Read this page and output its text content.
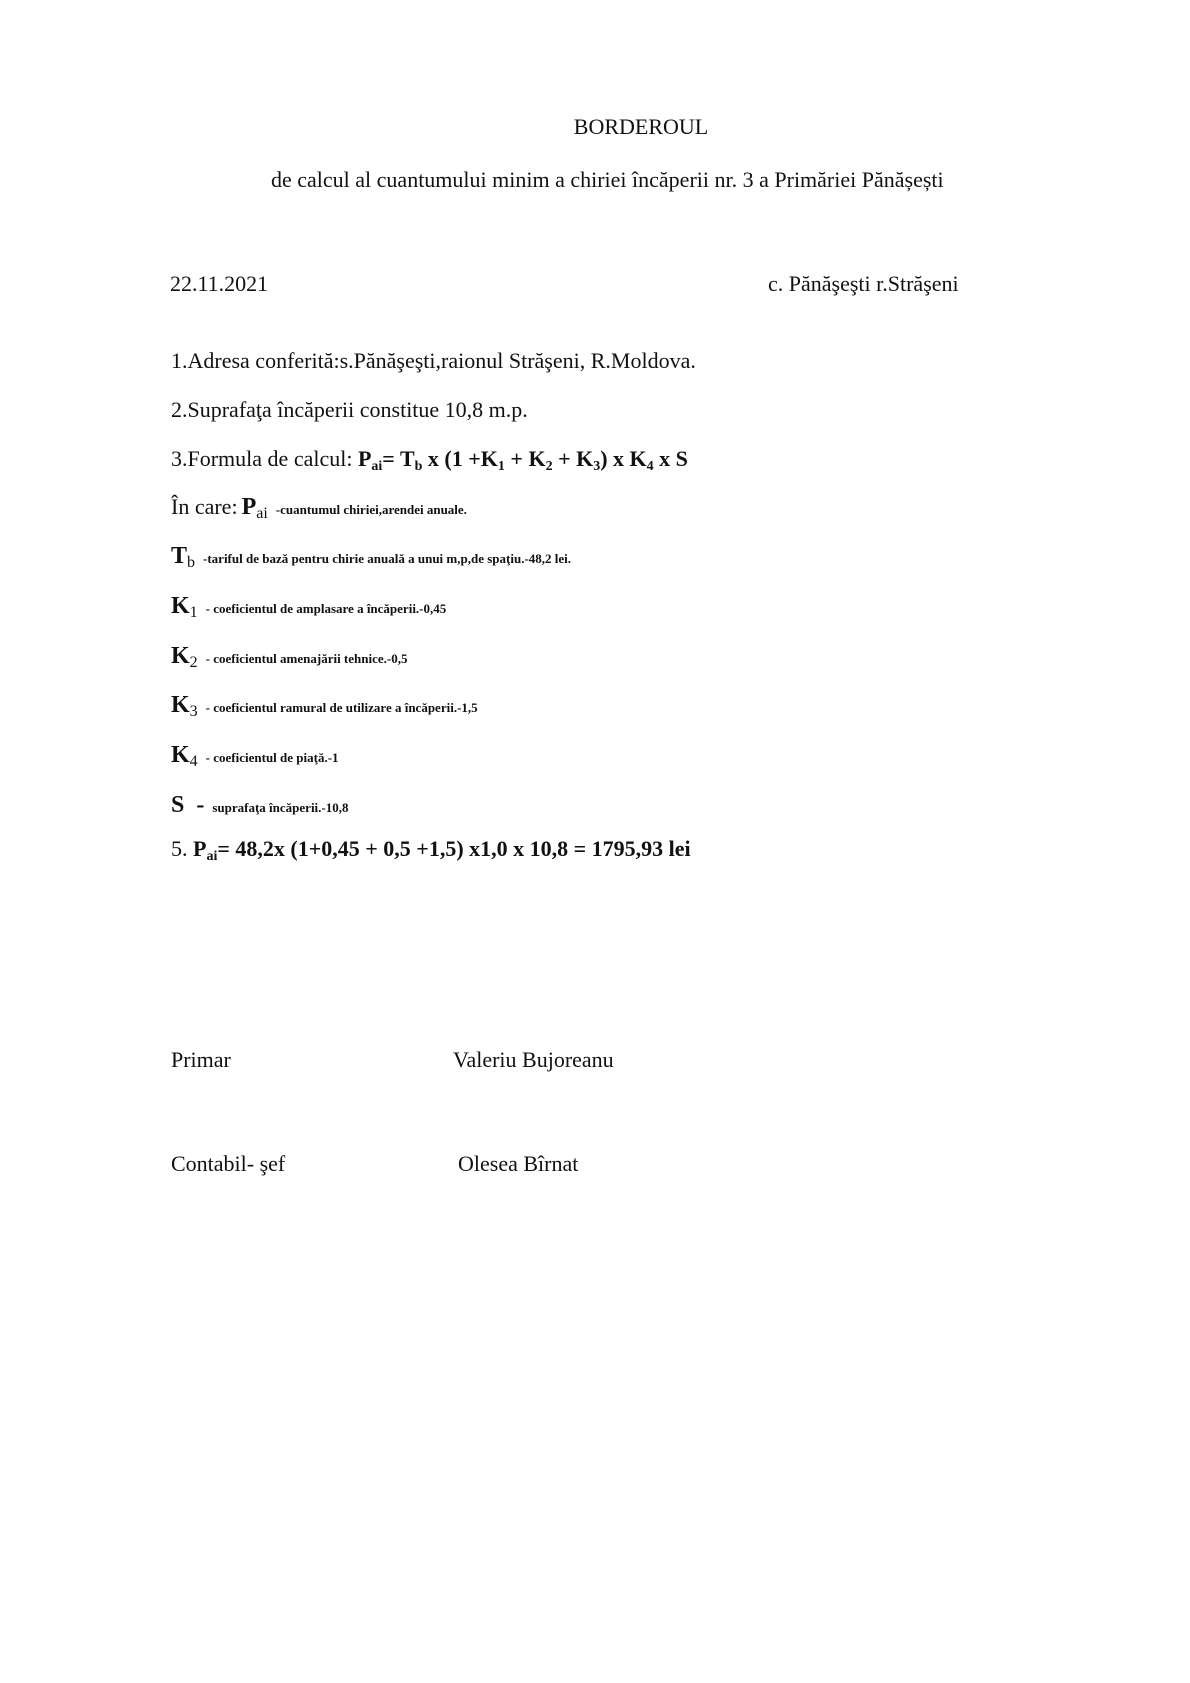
BORDEROUL
de calcul al cuantumului minim a chiriei încăperii nr. 3 a Primăriei Pănășești
22.11.2021	c. Pănăşeşti r.Străşeni
1.Adresa conferită:s.Pănăşeşti,raionul Străşeni, R.Moldova.
2.Suprafaţa încăperii constitue 10,8 m.p.
3.Formula de calcul: $P_{ai}= T_b$ x $(1 +K_1 + K_2 + K_3)$ x $K_4$ x S
În care: $P_{ai}$ -cuantumul chiriei,arendei anuale.
$T_b$ -tariful de bază pentru chirie anuală a unui m,p,de spaţiu.-48,2 lei.
$K_1$ - coeficientul de amplasare a încăperii.-0,45
$K_2$ - coeficientul amenajării tehnice.-0,5
$K_3$ - coeficientul ramural de utilizare a încăperii.-1,5
$K_4$ - coeficientul de piaţă.-1
S - suprafaţa încăperii.-10,8
5. $P_{ai}= 48,2x$ (1+0,45 + 0,5 +1,5) x1,0 x 10,8 = 1795,93 lei
Primar	Valeriu Bujoreanu
Contabil- şef	Olesea Bîrnat
